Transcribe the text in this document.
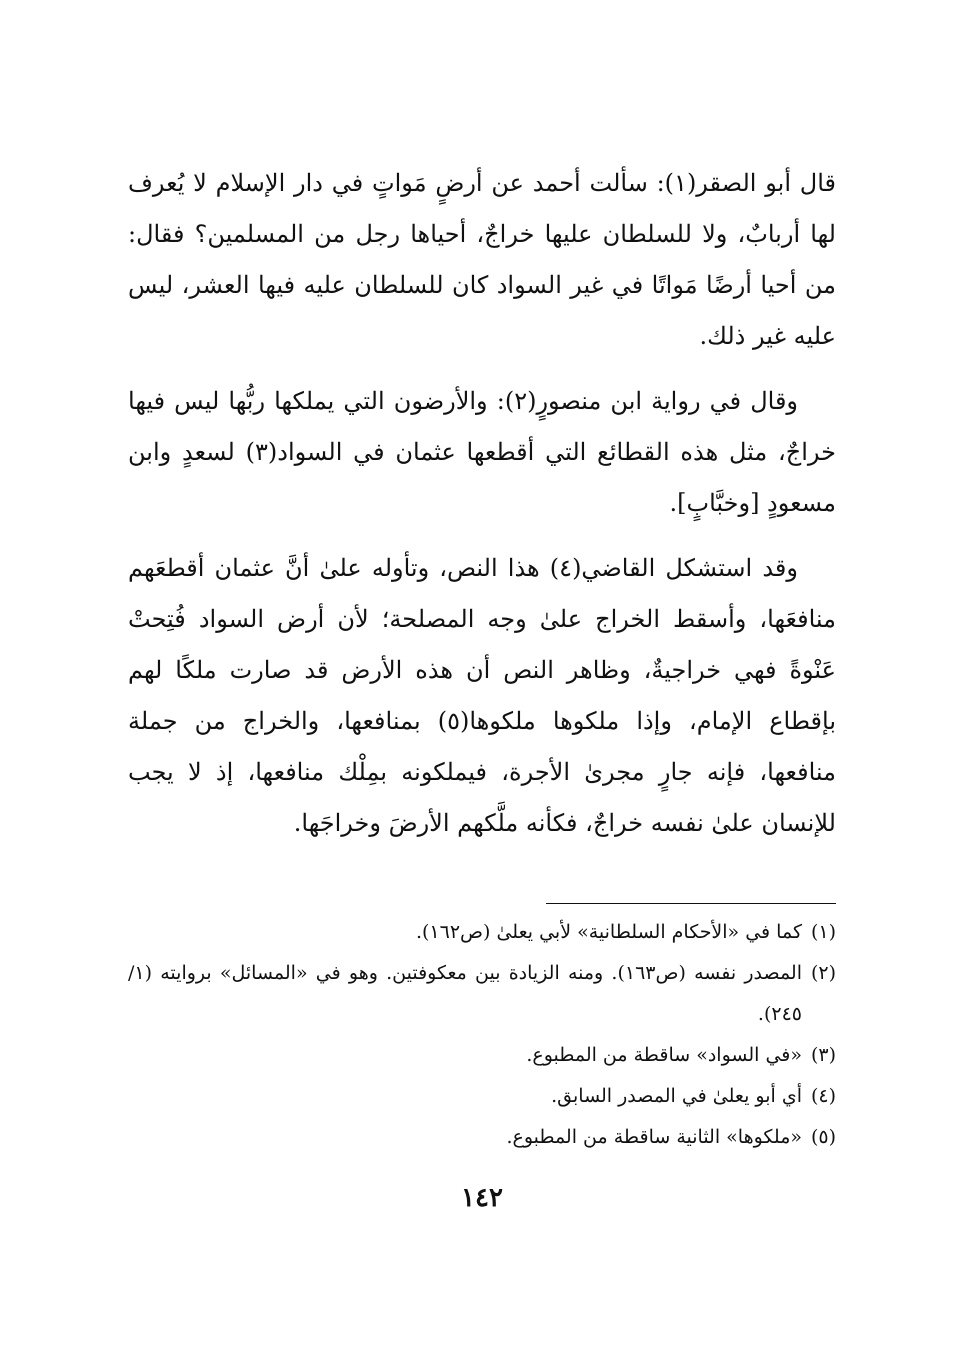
قال أبو الصقر(١): سألت أحمد عن أرضٍ مَواتٍ في دار الإسلام لا يُعرف لها أربابٌ، ولا للسلطان عليها خراجٌ، أحياها رجل من المسلمين؟ فقال: من أحيا أرضًا مَواتًا في غير السواد كان للسلطان عليه فيها العشر، ليس عليه غير ذلك.

وقال في رواية ابن منصورٍ(٢): والأرضون التي يملكها ربُّها ليس فيها خراجٌ، مثل هذه القطائع التي أقطعها عثمان في السواد(٣) لسعدٍ وابن مسعودٍ [وخبَّابٍ].

وقد استشكل القاضي(٤) هذا النص، وتأوله علىٰ أنَّ عثمان أقطعَهم منافعَها، وأسقط الخراج علىٰ وجه المصلحة؛ لأن أرض السواد فُتِحتْ عَنْوةً فهي خراجيةٌ، وظاهر النص أن هذه الأرض قد صارت ملكًا لهم بإقطاع الإمام، وإذا ملكوها ملكوها(٥) بمنافعها، والخراج من جملة منافعها، فإنه جارٍ مجرىٰ الأجرة، فيملكونه بمِلْك منافعها، إذ لا يجب للإنسان علىٰ نفسه خراجٌ، فكأنه ملَّكهم الأرضَ وخراجَها.

(١)
كما في «الأحكام السلطانية» لأبي يعلىٰ (ص١٦٢).
(٢)
المصدر نفسه (ص١٦٣). ومنه الزيادة بين معكوفتين. وهو في «المسائل» بروايته (١/ ٢٤٥).
(٣)
«في السواد» ساقطة من المطبوع.
(٤)
أي أبو يعلىٰ في المصدر السابق.
(٥)
«ملكوها» الثانية ساقطة من المطبوع.
١٤٢
